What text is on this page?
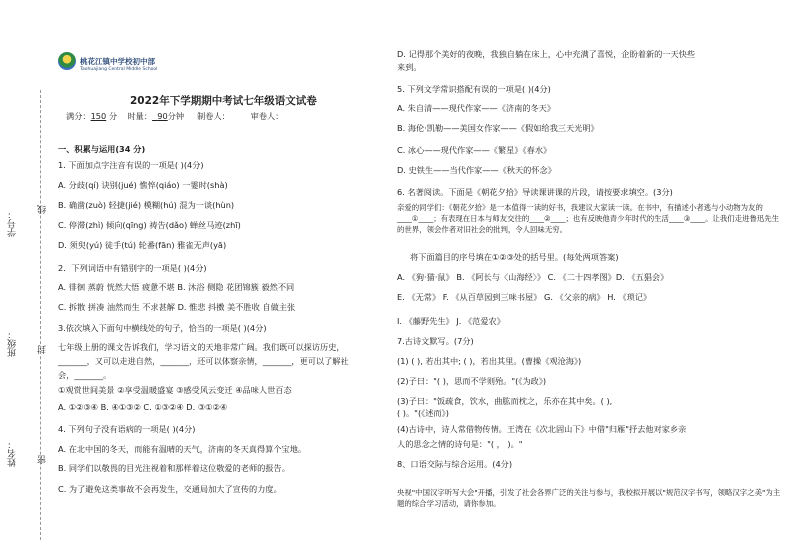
学号：
线
班级： 封
姓名： 密
桃花江镇中学校初中部
Taohuajiang Central Middle School
2022年下学期期中考试七年级语文试卷
满分：150 分 时量： 90分钟 制卷人：	审卷人：
一、积累与运用(34 分)
1. 下面加点字注音有误的一项是( )(4分)
A. 分歧(qí) 诀别(jué) 憔悴(qiáo) 一霎时(shà)
B. 确凿(zuò) 轻捷(jié) 模糊(hú) 混为一谈(hùn)
C. 停滞(zhì) 倾向(qīng) 祷告(dǎo) 蝉丝马迹(zhī)
D. 须臾(yú) 徒手(tú) 轮番(fān) 雅雀无声(yā)
2．下列词语中有错别字的一项是( )(4分)
A. 徘徊 蒸蔚 恍然大悟 疲惫不堪 B. 沐浴 侧隐 花团锦簇 毅然不同
C. 拆散 拼凑 油然而生 不求甚解 D. 惟悲 抖擞 美不胜收 自做主张
3.依次填入下面句中横线处的句子，恰当的一项是( )(4分)
七年级上册的课文告诉我们，学习语文的天地非常广阔。我们既可以探访历史，
_______，又可以走进自然，_______，还可以体察亲情，_______，更可以了解社
会，_______。
①观赏世间美景 ②享受温暖盛宴 ③感受风云变迁 ④品味人世百态
A. ①②③④ B. ④①③② C. ①③②④ D. ③①②④
4. 下列句子没有语病的一项是( )(4分)
A. 在北中国的冬天，而能有温晴的天气，济南的冬天真得算个宝地。
B. 同学们以敬畏的目光注视着和那样着这位敬爱的老师的报告。
C. 为了避免这类事故不会再发生，交通局加大了宣传的力度。
D. 记得那个美好的夜晚，我独自躺在床上，心中充满了喜悦，企盼着新的一天快些
来到。
5. 下列文学常识搭配有误的一项是( )(4分)
A. 朱自清——现代作家——《济南的冬天》
B. 海伦·凯勒——美国女作家——《假如给我三天光明》
C. 冰心——现代作家——《繁星》《春水》
D. 史铁生——当代作家——《秋天的怀念》
6. 名著阅读。下面是《朝花夕拾》导读课讲课的片段，请按要求填空。(3分)
将下面篇目的序号填在①②③处的括号里。(每处两项答案)
A. 《狗·猫·鼠》 B. 《阿长与〈山海经〉》 C. 《二十四孝图》D. 《五猖会》
E. 《无常》 F. 《从百草园到三味书屋》 G. 《父亲的病》 H. 《琐记》
I. 《藤野先生》 J. 《范爱农》
7.古诗文默写。(7分)
(1) ( ), 若出其中; ( )，若出其里。(曹操《观沧海》)
(2)子曰："( )，思而不学则殆。"(《为政》)
(3)子曰："饭疏食，饮水，曲肱而枕之，乐亦在其中矣。( ),
( )。"(《述而》)
(4)古诗中，诗人常借物传情。王湾在《次北固山下》中借"归雁"抒去他对家乡亲
人的思念之情的诗句是："( ， )。"
8、口语交际与综合运用。(4分)
亲爱的同学们：《朝花夕拾》是一本值得一读的好书，我建议大家读一读。在书中，有描述小者逃与小动物为友的____①____；有表现在日本与师友交往的____②____；也有反映他青少年时代的生活____③____。让我们走进鲁迅先生的世界，领会作者对旧社会的批判，令人回味无穷。
央视"中国汉字听写大会"开播，引发了社会各界广泛的关注与参与，我校拟开展以"规范汉字书写，领略汉字之美"为主题的综合学习活动，请你参加。
